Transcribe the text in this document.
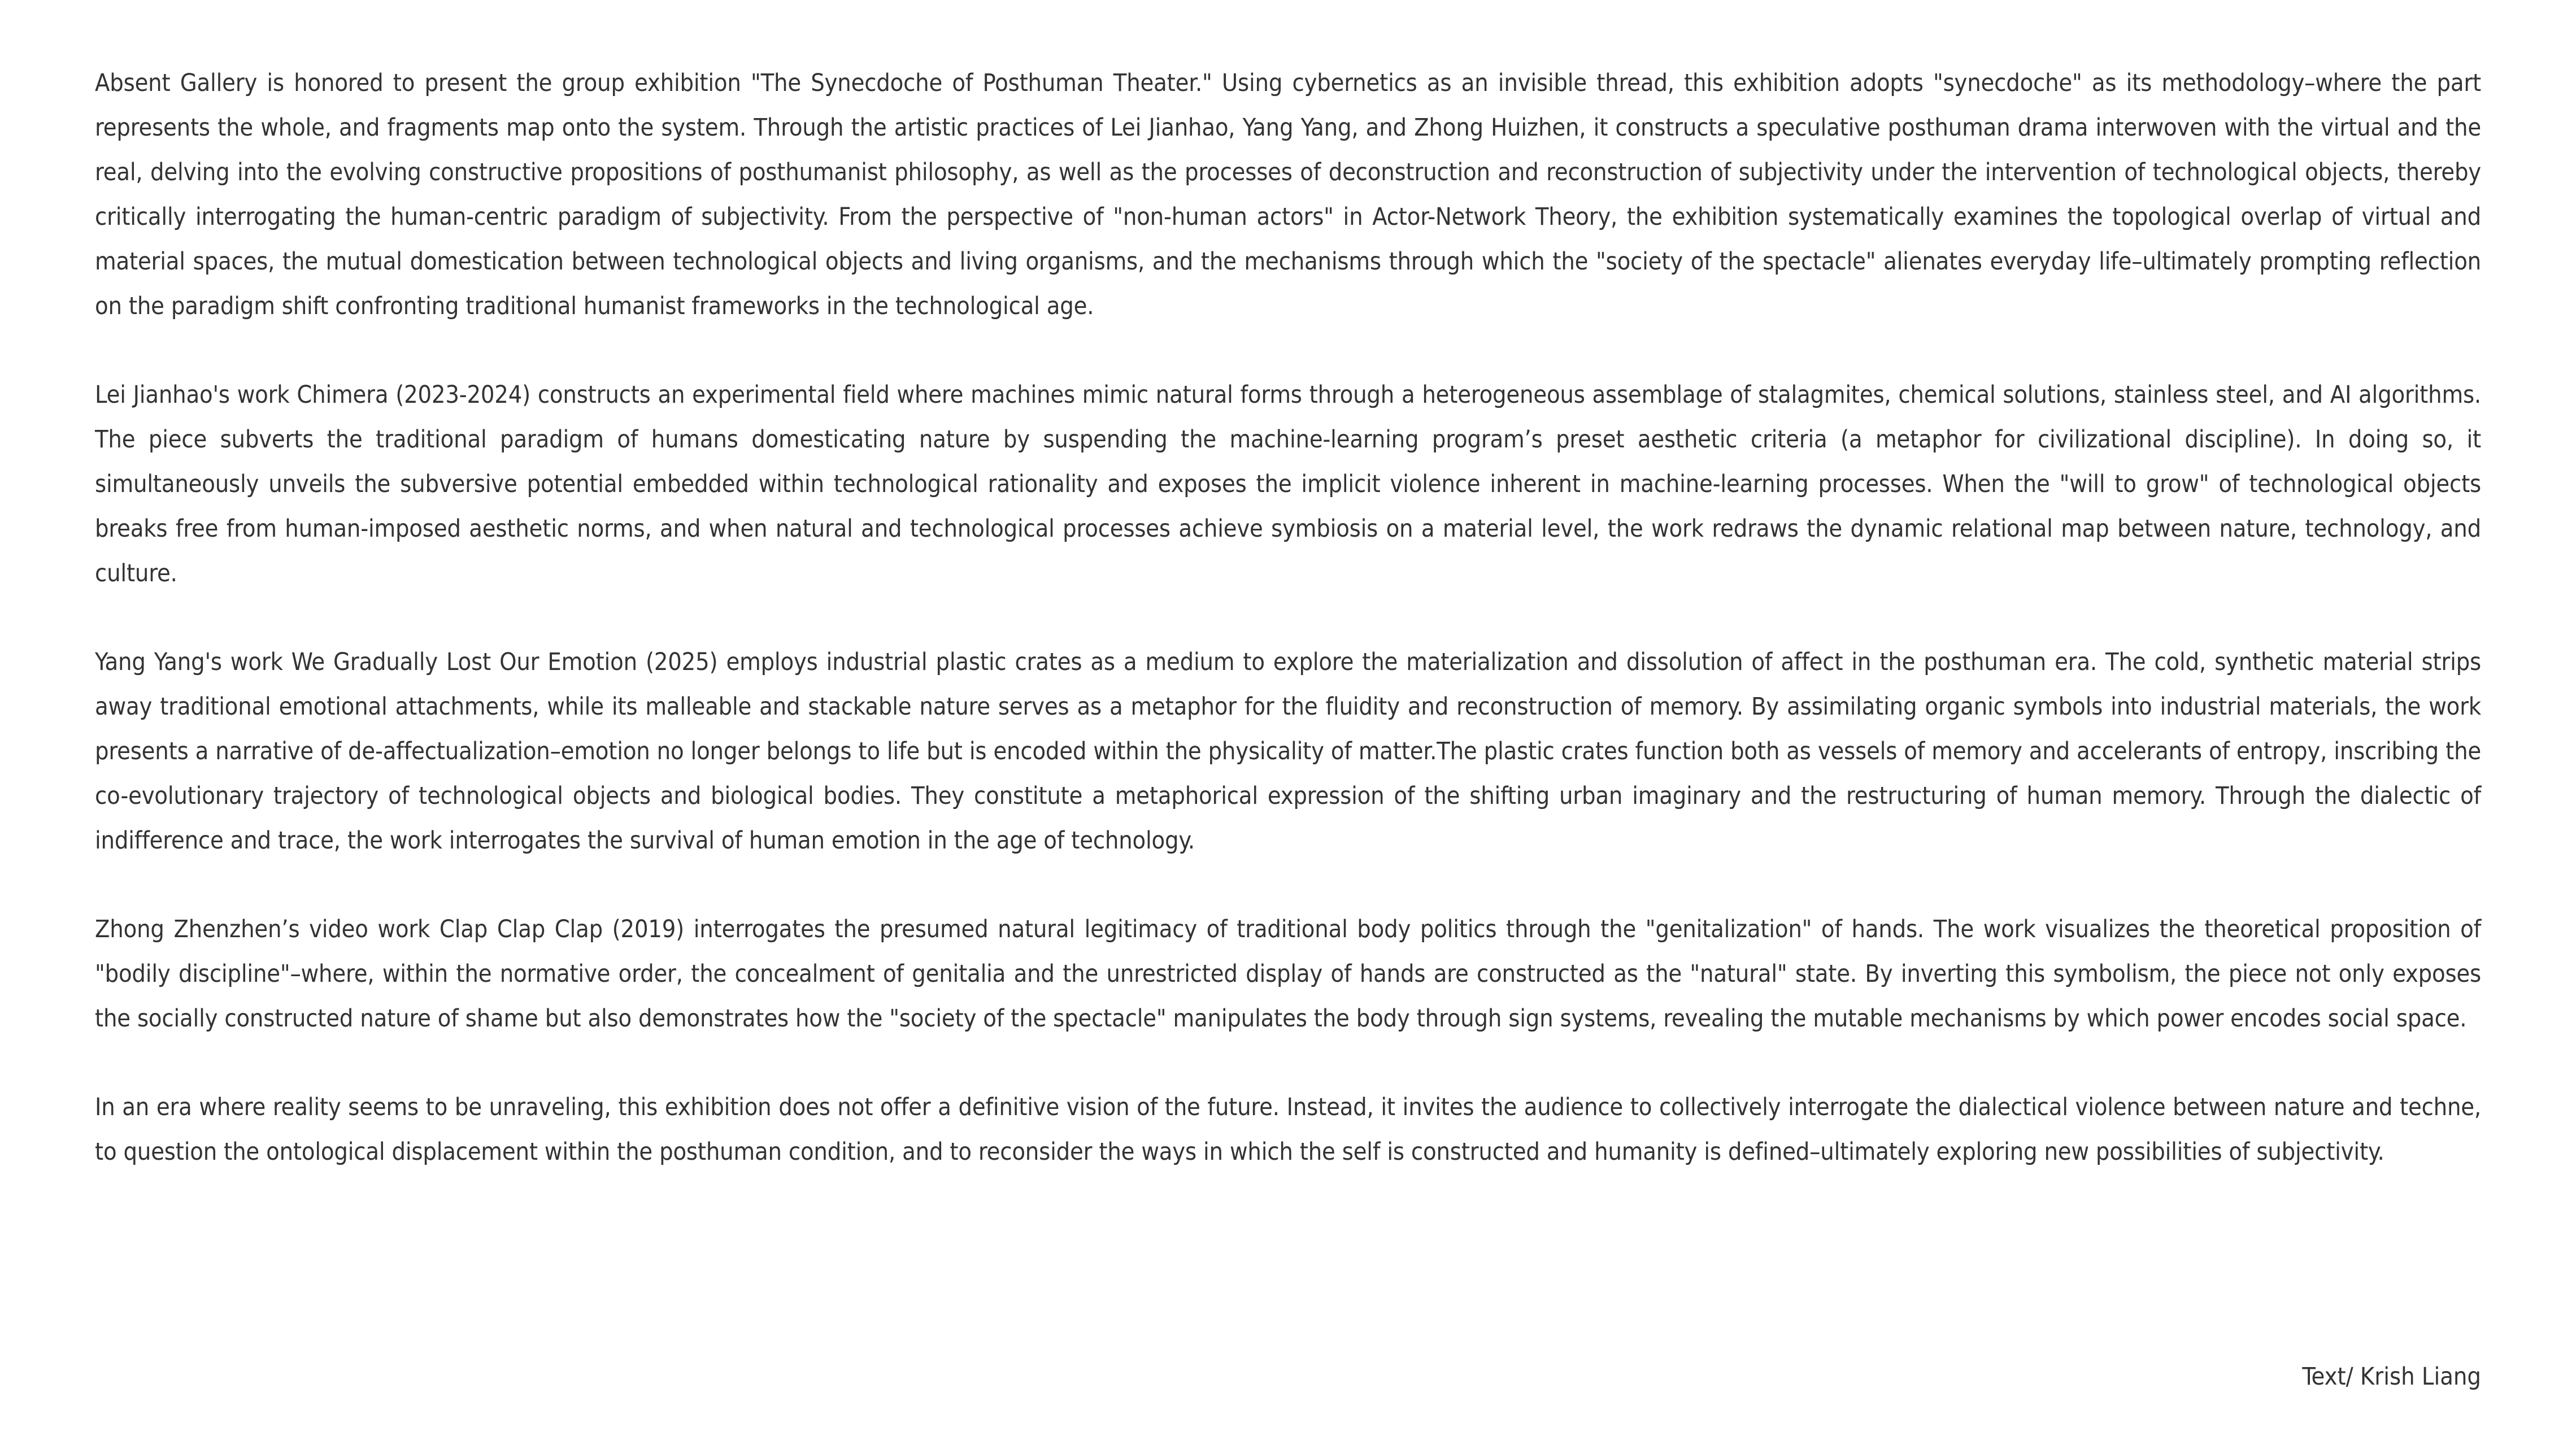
Absent Gallery is honored to present the group exhibition "The Synecdoche of Posthuman Theater." Using cybernetics as an invisible thread, this exhibition adopts "synecdoche" as its methodology–where the part represents the whole, and fragments map onto the system. Through the artistic practices of Lei Jianhao, Yang Yang, and Zhong Huizhen, it constructs a speculative posthuman drama interwoven with the virtual and the real, delving into the evolving constructive propositions of posthumanist philosophy, as well as the processes of deconstruction and reconstruction of subjectivity under the intervention of technological objects, thereby critically interrogating the human-centric paradigm of subjectivity. From the perspective of "non-human actors" in Actor-Network Theory, the exhibition systematically examines the topological overlap of virtual and material spaces, the mutual domestication between technological objects and living organisms, and the mechanisms through which the "society of the spectacle" alienates everyday life–ultimately prompting reflection on the paradigm shift confronting traditional humanist frameworks in the technological age.

Lei Jianhao's work Chimera (2023-2024) constructs an experimental field where machines mimic natural forms through a heterogeneous assemblage of stalagmites, chemical solutions, stainless steel, and AI algorithms. The piece subverts the traditional paradigm of humans domesticating nature by suspending the machine-learning program’s preset aesthetic criteria (a metaphor for civilizational discipline). In doing so, it simultaneously unveils the subversive potential embedded within technological rationality and exposes the implicit violence inherent in machine-learning processes. When the "will to grow" of technological objects breaks free from human-imposed aesthetic norms, and when natural and technological processes achieve symbiosis on a material level, the work redraws the dynamic relational map between nature, technology, and culture.

Yang Yang's work We Gradually Lost Our Emotion (2025) employs industrial plastic crates as a medium to explore the materialization and dissolution of affect in the posthuman era. The cold, synthetic material strips away traditional emotional attachments, while its malleable and stackable nature serves as a metaphor for the fluidity and reconstruction of memory. By assimilating organic symbols into industrial materials, the work presents a narrative of de-affectualization–emotion no longer belongs to life but is encoded within the physicality of matter.The plastic crates function both as vessels of memory and accelerants of entropy, inscribing the co-evolutionary trajectory of technological objects and biological bodies. They constitute a metaphorical expression of the shifting urban imaginary and the restructuring of human memory. Through the dialectic of indifference and trace, the work interrogates the survival of human emotion in the age of technology.

Zhong Zhenzhen’s video work Clap Clap Clap (2019) interrogates the presumed natural legitimacy of traditional body politics through the "genitalization" of hands. The work visualizes the theoretical proposition of "bodily discipline"–where, within the normative order, the concealment of genitalia and the unrestricted display of hands are constructed as the "natural" state. By inverting this symbolism, the piece not only exposes the socially constructed nature of shame but also demonstrates how the "society of the spectacle" manipulates the body through sign systems, revealing the mutable mechanisms by which power encodes social space.

In an era where reality seems to be unraveling, this exhibition does not offer a definitive vision of the future. Instead, it invites the audience to collectively interrogate the dialectical violence between nature and techne, to question the ontological displacement within the posthuman condition, and to reconsider the ways in which the self is constructed and humanity is defined–ultimately exploring new possibilities of subjectivity.

Text/ Krish Liang
